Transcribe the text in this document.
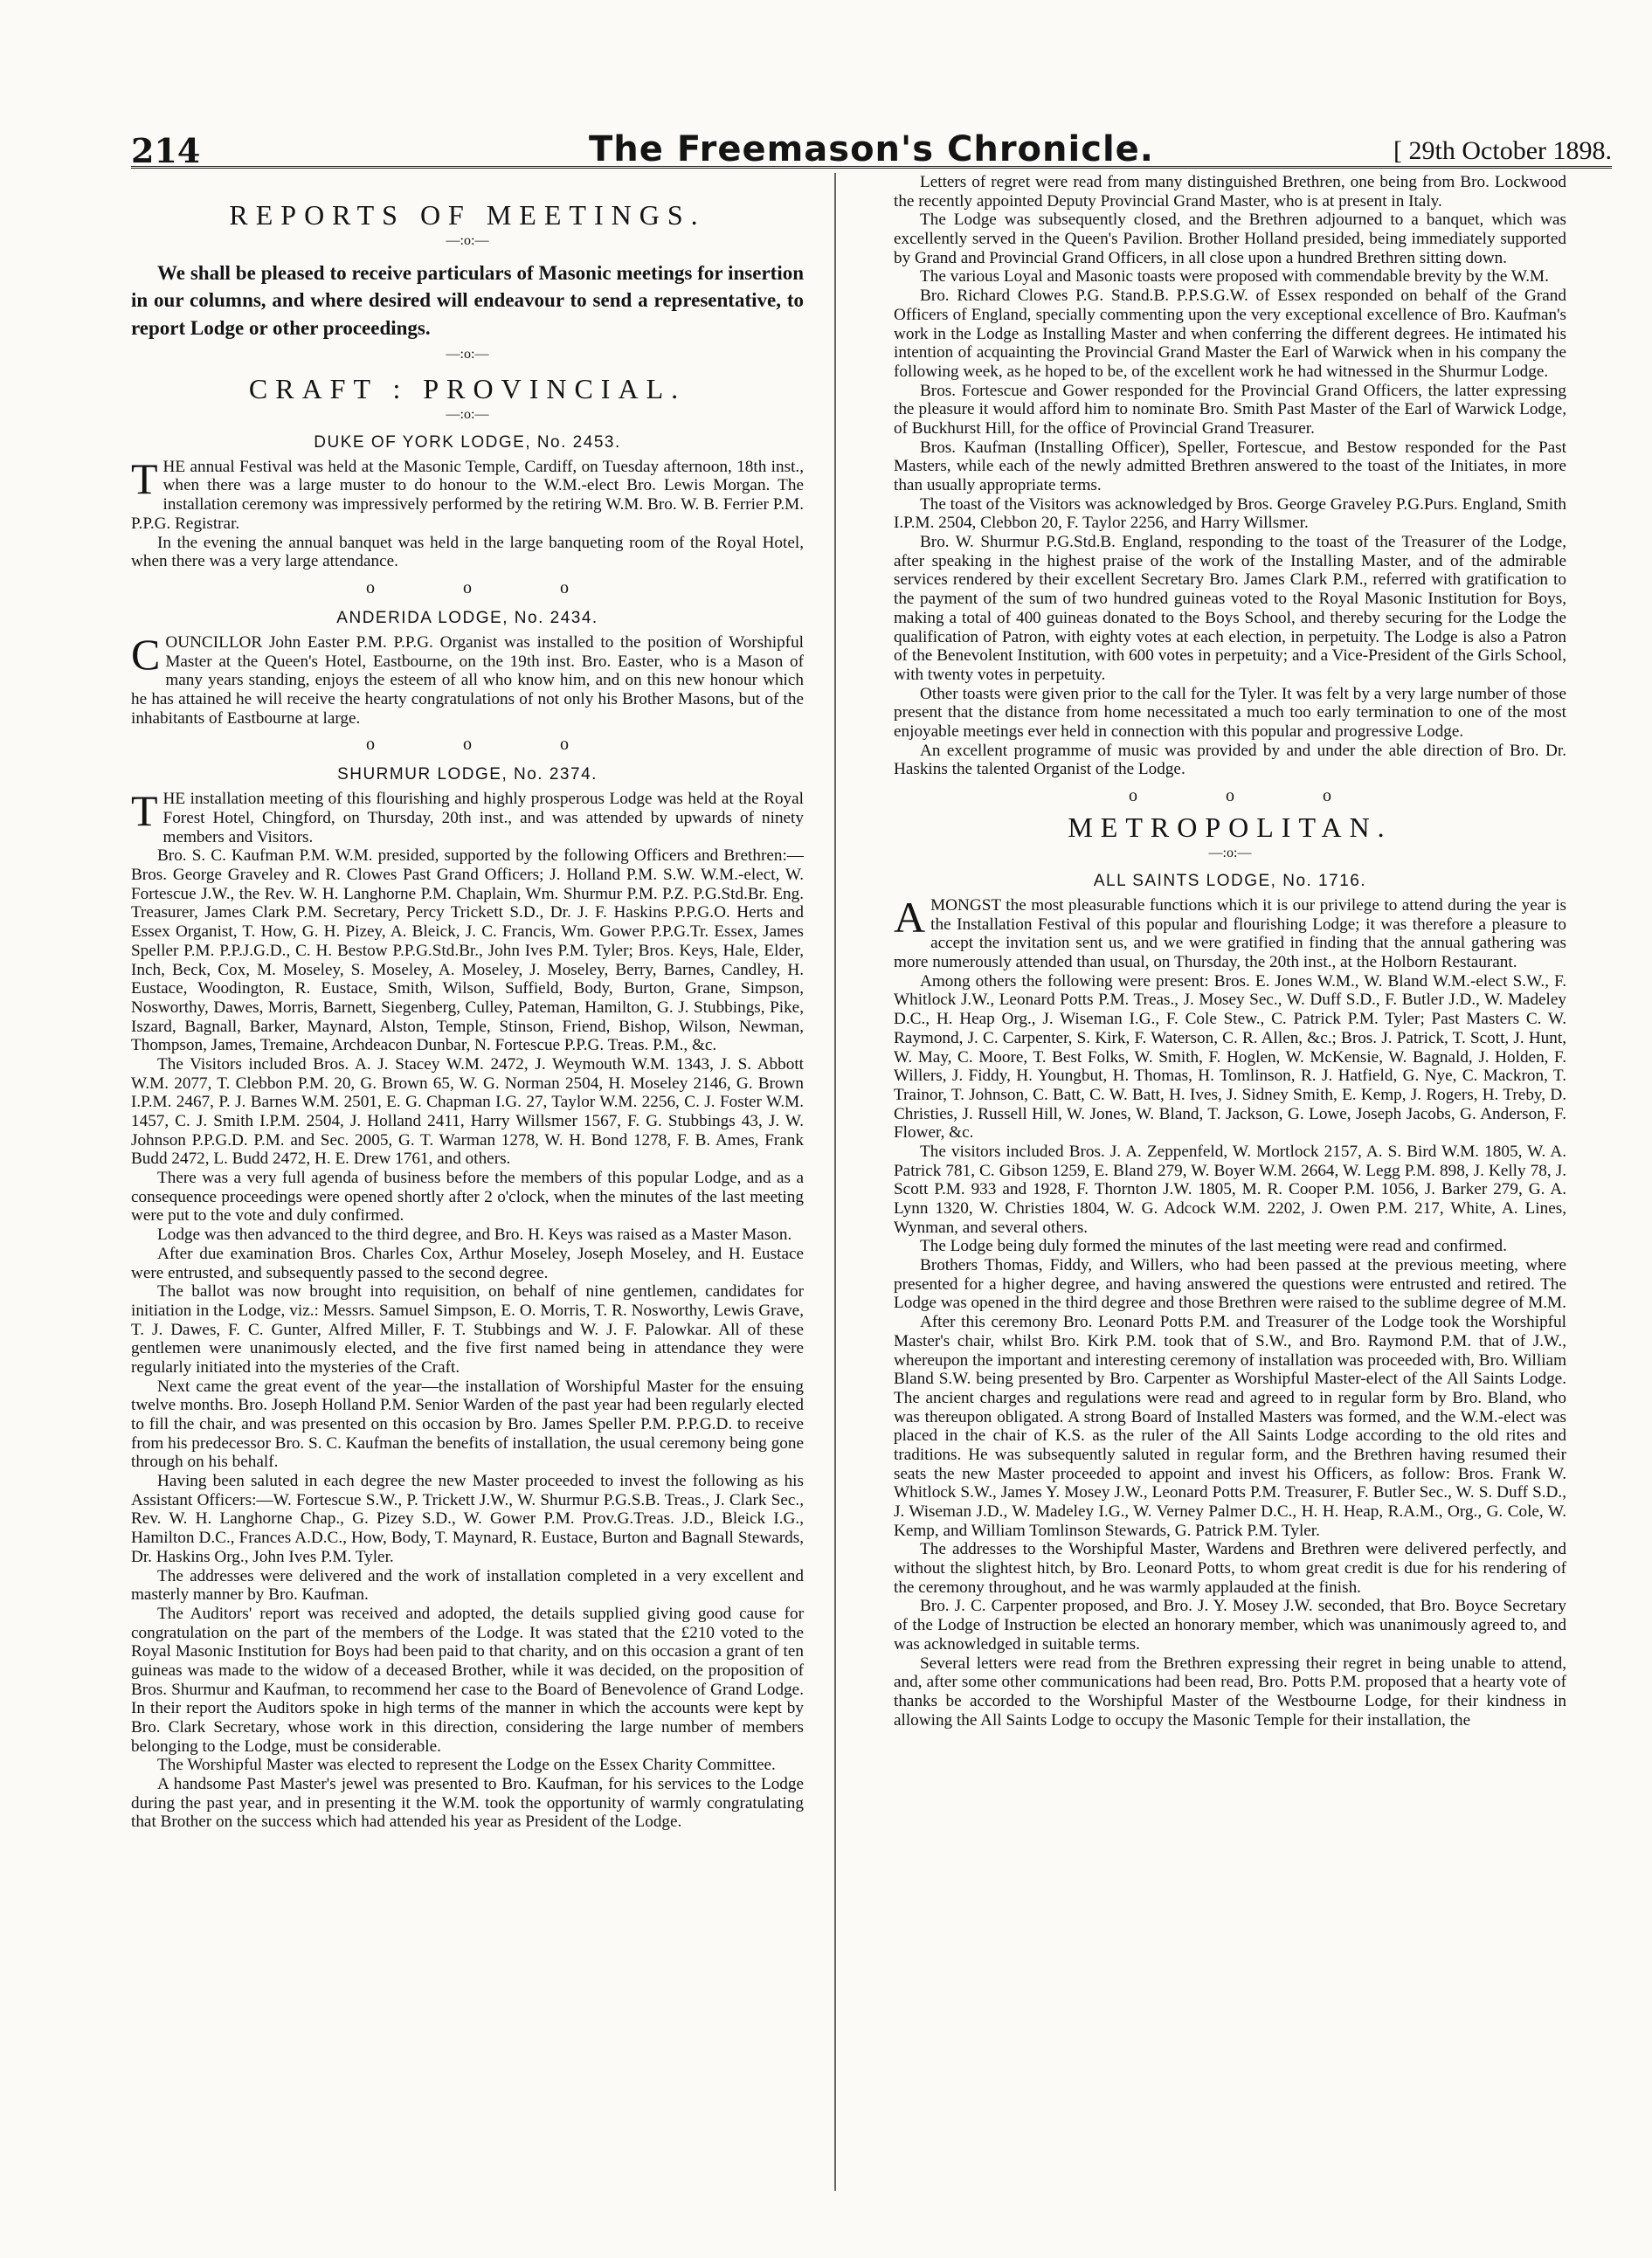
214	The Freemason's Chronicle.	[ 29th October 1898.
REPORTS OF MEETINGS.
—:o:—

We shall be pleased to receive particulars of Masonic meetings for insertion in our columns, and where desired will endeavour to send a representative, to report Lodge or other proceedings.

—:o:—
CRAFT : PROVINCIAL.
—:o:—
DUKE OF YORK LODGE, No. 2453.

THE annual Festival was held at the Masonic Temple, Cardiff, on Tuesday afternoon, 18th inst., when there was a large muster to do honour to the W.M.-elect Bro. Lewis Morgan. The installation ceremony was impressively performed by the retiring W.M. Bro. W. B. Ferrier P.M. P.P.G. Registrar.

In the evening the annual banquet was held in the large banqueting room of the Royal Hotel, when there was a very large attendance.

o o o
ANDERIDA LODGE, No. 2434.

COUNCILLOR John Easter P.M. P.P.G. Organist was installed to the position of Worshipful Master at the Queen's Hotel, Eastbourne, on the 19th inst. Bro. Easter, who is a Mason of many years standing, enjoys the esteem of all who know him, and on this new honour which he has attained he will receive the hearty congratulations of not only his Brother Masons, but of the inhabitants of Eastbourne at large.

o o o
SHURMUR LODGE, No. 2374.

THE installation meeting of this flourishing and highly prosperous Lodge was held at the Royal Forest Hotel, Chingford, on Thursday, 20th inst., and was attended by upwards of ninety members and Visitors.

Bro. S. C. Kaufman P.M. W.M. presided, supported by the following Officers and Brethren:—Bros. George Graveley and R. Clowes Past Grand Officers; J. Holland P.M. S.W. W.M.-elect, W. Fortescue J.W., the Rev. W. H. Langhorne P.M. Chaplain, Wm. Shurmur P.M. P.Z. P.G.Std.Br. Eng. Treasurer, James Clark P.M. Secretary, Percy Trickett S.D., Dr. J. F. Haskins P.P.G.O. Herts and Essex Organist, T. How, G. H. Pizey, A. Bleick, J. C. Francis, Wm. Gower P.P.G.Tr. Essex, James Speller P.M. P.P.J.G.D., C. H. Bestow P.P.G.Std.Br., John Ives P.M. Tyler; Bros. Keys, Hale, Elder, Inch, Beck, Cox, M. Moseley, S. Moseley, A. Moseley, J. Moseley, Berry, Barnes, Candley, H. Eustace, Woodington, R. Eustace, Smith, Wilson, Suffield, Body, Burton, Grane, Simpson, Nosworthy, Dawes, Morris, Barnett, Siegenberg, Culley, Pateman, Hamilton, G. J. Stubbings, Pike, Iszard, Bagnall, Barker, Maynard, Alston, Temple, Stinson, Friend, Bishop, Wilson, Newman, Thompson, James, Tremaine, Archdeacon Dunbar, N. Fortescue P.P.G. Treas. P.M., &c.

The Visitors included Bros. A. J. Stacey W.M. 2472, J. Weymouth W.M. 1343, J. S. Abbott W.M. 2077, T. Clebbon P.M. 20, G. Brown 65, W. G. Norman 2504, H. Moseley 2146, G. Brown I.P.M. 2467, P. J. Barnes W.M. 2501, E. G. Chapman I.G. 27, Taylor W.M. 2256, C. J. Foster W.M. 1457, C. J. Smith I.P.M. 2504, J. Holland 2411, Harry Willsmer 1567, F. G. Stubbings 43, J. W. Johnson P.P.G.D. P.M. and Sec. 2005, G. T. Warman 1278, W. H. Bond 1278, F. B. Ames, Frank Budd 2472, L. Budd 2472, H. E. Drew 1761, and others.

There was a very full agenda of business before the members of this popular Lodge, and as a consequence proceedings were opened shortly after 2 o'clock, when the minutes of the last meeting were put to the vote and duly confirmed.

Lodge was then advanced to the third degree, and Bro. H. Keys was raised as a Master Mason.

After due examination Bros. Charles Cox, Arthur Moseley, Joseph Moseley, and H. Eustace were entrusted, and subsequently passed to the second degree.

The ballot was now brought into requisition, on behalf of nine gentlemen, candidates for initiation in the Lodge, viz.: Messrs. Samuel Simpson, E. O. Morris, T. R. Nosworthy, Lewis Grave, T. J. Dawes, F. C. Gunter, Alfred Miller, F. T. Stubbings and W. J. F. Palowkar. All of these gentlemen were unanimously elected, and the five first named being in attendance they were regularly initiated into the mysteries of the Craft.

Next came the great event of the year—the installation of Worshipful Master for the ensuing twelve months. Bro. Joseph Holland P.M. Senior Warden of the past year had been regularly elected to fill the chair, and was presented on this occasion by Bro. James Speller P.M. P.P.G.D. to receive from his predecessor Bro. S. C. Kaufman the benefits of installation, the usual ceremony being gone through on his behalf.

Having been saluted in each degree the new Master proceeded to invest the following as his Assistant Officers:—W. Fortescue S.W., P. Trickett J.W., W. Shurmur P.G.S.B. Treas., J. Clark Sec., Rev. W. H. Langhorne Chap., G. Pizey S.D., W. Gower P.M. Prov.G.Treas. J.D., Bleick I.G., Hamilton D.C., Frances A.D.C., How, Body, T. Maynard, R. Eustace, Burton and Bagnall Stewards, Dr. Haskins Org., John Ives P.M. Tyler.

The addresses were delivered and the work of installation completed in a very excellent and masterly manner by Bro. Kaufman.

The Auditors' report was received and adopted, the details supplied giving good cause for congratulation on the part of the members of the Lodge. It was stated that the £210 voted to the Royal Masonic Institution for Boys had been paid to that charity, and on this occasion a grant of ten guineas was made to the widow of a deceased Brother, while it was decided, on the proposition of Bros. Shurmur and Kaufman, to recommend her case to the Board of Benevolence of Grand Lodge. In their report the Auditors spoke in high terms of the manner in which the accounts were kept by Bro. Clark Secretary, whose work in this direction, considering the large number of members belonging to the Lodge, must be considerable.

The Worshipful Master was elected to represent the Lodge on the Essex Charity Committee.

A handsome Past Master's jewel was presented to Bro. Kaufman, for his services to the Lodge during the past year, and in presenting it the W.M. took the opportunity of warmly congratulating that Brother on the success which had attended his year as President of the Lodge.

Letters of regret were read from many distinguished Brethren, one being from Bro. Lockwood the recently appointed Deputy Provincial Grand Master, who is at present in Italy.

The Lodge was subsequently closed, and the Brethren adjourned to a banquet, which was excellently served in the Queen's Pavilion. Brother Holland presided, being immediately supported by Grand and Provincial Grand Officers, in all close upon a hundred Brethren sitting down.

The various Loyal and Masonic toasts were proposed with commendable brevity by the W.M.

Bro. Richard Clowes P.G. Stand.B. P.P.S.G.W. of Essex responded on behalf of the Grand Officers of England, specially commenting upon the very exceptional excellence of Bro. Kaufman's work in the Lodge as Installing Master and when conferring the different degrees. He intimated his intention of acquainting the Provincial Grand Master the Earl of Warwick when in his company the following week, as he hoped to be, of the excellent work he had witnessed in the Shurmur Lodge.

Bros. Fortescue and Gower responded for the Provincial Grand Officers, the latter expressing the pleasure it would afford him to nominate Bro. Smith Past Master of the Earl of Warwick Lodge, of Buckhurst Hill, for the office of Provincial Grand Treasurer.

Bros. Kaufman (Installing Officer), Speller, Fortescue, and Bestow responded for the Past Masters, while each of the newly admitted Brethren answered to the toast of the Initiates, in more than usually appropriate terms.

The toast of the Visitors was acknowledged by Bros. George Graveley P.G.Purs. England, Smith I.P.M. 2504, Clebbon 20, F. Taylor 2256, and Harry Willsmer.

Bro. W. Shurmur P.G.Std.B. England, responding to the toast of the Treasurer of the Lodge, after speaking in the highest praise of the work of the Installing Master, and of the admirable services rendered by their excellent Secretary Bro. James Clark P.M., referred with gratification to the payment of the sum of two hundred guineas voted to the Royal Masonic Institution for Boys, making a total of 400 guineas donated to the Boys School, and thereby securing for the Lodge the qualification of Patron, with eighty votes at each election, in perpetuity. The Lodge is also a Patron of the Benevolent Institution, with 600 votes in perpetuity; and a Vice-President of the Girls School, with twenty votes in perpetuity.

Other toasts were given prior to the call for the Tyler. It was felt by a very large number of those present that the distance from home necessitated a much too early termination to one of the most enjoyable meetings ever held in connection with this popular and progressive Lodge.

An excellent programme of music was provided by and under the able direction of Bro. Dr. Haskins the talented Organist of the Lodge.

o o o
METROPOLITAN.
—:o:—
ALL SAINTS LODGE, No. 1716.

AMONGST the most pleasurable functions which it is our privilege to attend during the year is the Installation Festival of this popular and flourishing Lodge; it was therefore a pleasure to accept the invitation sent us, and we were gratified in finding that the annual gathering was more numerously attended than usual, on Thursday, the 20th inst., at the Holborn Restaurant.

Among others the following were present: Bros. E. Jones W.M., W. Bland W.M.-elect S.W., F. Whitlock J.W., Leonard Potts P.M. Treas., J. Mosey Sec., W. Duff S.D., F. Butler J.D., W. Madeley D.C., H. Heap Org., J. Wiseman I.G., F. Cole Stew., C. Patrick P.M. Tyler; Past Masters C. W. Raymond, J. C. Carpenter, S. Kirk, F. Waterson, C. R. Allen, &c.; Bros. J. Patrick, T. Scott, J. Hunt, W. May, C. Moore, T. Best Folks, W. Smith, F. Hoglen, W. McKensie, W. Bagnald, J. Holden, F. Willers, J. Fiddy, H. Youngbut, H. Thomas, H. Tomlinson, R. J. Hatfield, G. Nye, C. Mackron, T. Trainor, T. Johnson, C. Batt, C. W. Batt, H. Ives, J. Sidney Smith, E. Kemp, J. Rogers, H. Treby, D. Christies, J. Russell Hill, W. Jones, W. Bland, T. Jackson, G. Lowe, Joseph Jacobs, G. Anderson, F. Flower, &c.

The visitors included Bros. J. A. Zeppenfeld, W. Mortlock 2157, A. S. Bird W.M. 1805, W. A. Patrick 781, C. Gibson 1259, E. Bland 279, W. Boyer W.M. 2664, W. Legg P.M. 898, J. Kelly 78, J. Scott P.M. 933 and 1928, F. Thornton J.W. 1805, M. R. Cooper P.M. 1056, J. Barker 279, G. A. Lynn 1320, W. Christies 1804, W. G. Adcock W.M. 2202, J. Owen P.M. 217, White, A. Lines, Wynman, and several others.

The Lodge being duly formed the minutes of the last meeting were read and confirmed.

Brothers Thomas, Fiddy, and Willers, who had been passed at the previous meeting, where presented for a higher degree, and having answered the questions were entrusted and retired. The Lodge was opened in the third degree and those Brethren were raised to the sublime degree of M.M.

After this ceremony Bro. Leonard Potts P.M. and Treasurer of the Lodge took the Worshipful Master's chair, whilst Bro. Kirk P.M. took that of S.W., and Bro. Raymond P.M. that of J.W., whereupon the important and interesting ceremony of installation was proceeded with, Bro. William Bland S.W. being presented by Bro. Carpenter as Worshipful Master-elect of the All Saints Lodge. The ancient charges and regulations were read and agreed to in regular form by Bro. Bland, who was thereupon obligated. A strong Board of Installed Masters was formed, and the W.M.-elect was placed in the chair of K.S. as the ruler of the All Saints Lodge according to the old rites and traditions. He was subsequently saluted in regular form, and the Brethren having resumed their seats the new Master proceeded to appoint and invest his Officers, as follow: Bros. Frank W. Whitlock S.W., James Y. Mosey J.W., Leonard Potts P.M. Treasurer, F. Butler Sec., W. S. Duff S.D., J. Wiseman J.D., W. Madeley I.G., W. Verney Palmer D.C., H. H. Heap, R.A.M., Org., G. Cole, W. Kemp, and William Tomlinson Stewards, G. Patrick P.M. Tyler.

The addresses to the Worshipful Master, Wardens and Brethren were delivered perfectly, and without the slightest hitch, by Bro. Leonard Potts, to whom great credit is due for his rendering of the ceremony throughout, and he was warmly applauded at the finish.

Bro. J. C. Carpenter proposed, and Bro. J. Y. Mosey J.W. seconded, that Bro. Boyce Secretary of the Lodge of Instruction be elected an honorary member, which was unanimously agreed to, and was acknowledged in suitable terms.

Several letters were read from the Brethren expressing their regret in being unable to attend, and, after some other communications had been read, Bro. Potts P.M. proposed that a hearty vote of thanks be accorded to the Worshipful Master of the Westbourne Lodge, for their kindness in allowing the All Saints Lodge to occupy the Masonic Temple for their installation, the
